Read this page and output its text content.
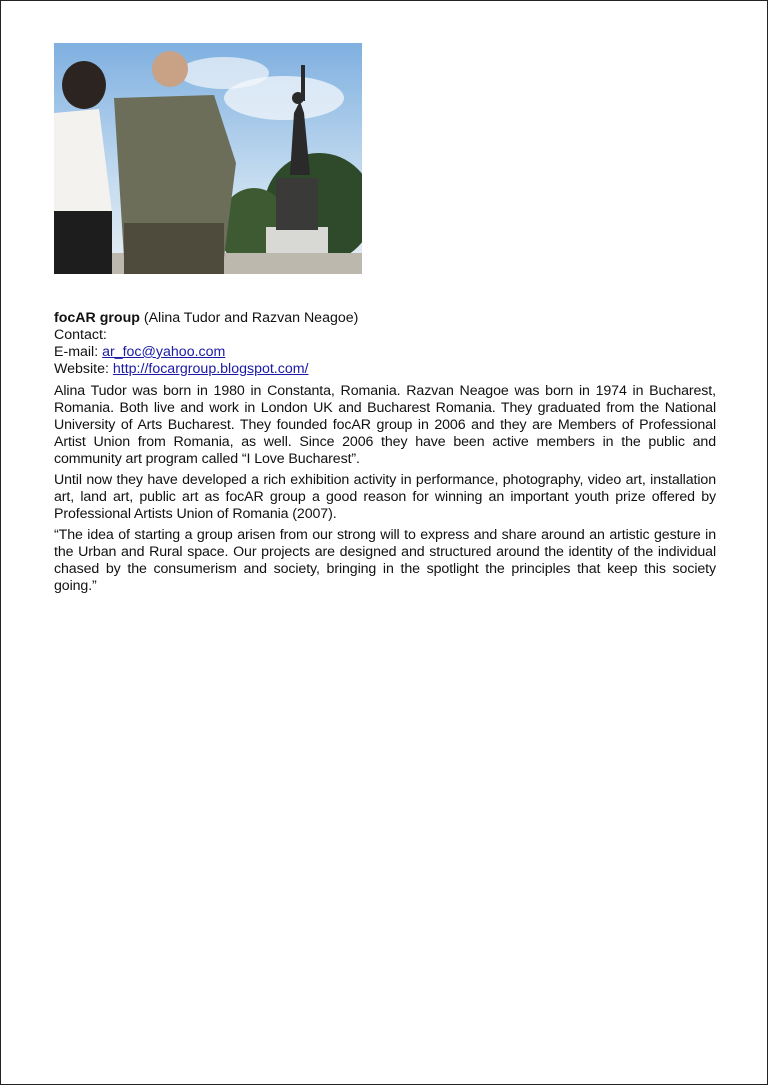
focAR group (Alina Tudor and Razvan Neagoe)
Contact:
E-mail: ar_foc@yahoo.com
Website: http://focargroup.blogspot.com/
Alina Tudor was born in 1980 in Constanta, Romania. Razvan Neagoe was born in 1974 in Bucharest, Romania. Both live and work in London UK and Bucharest Romania. They graduated from the National University of Arts Bucharest. They founded focAR group in 2006 and they are Members of Professional Artist Union from Romania, as well. Since 2006 they have been active members in the public and community art program called “I Love Bucharest”.
Until now they have developed a rich exhibition activity in performance, photography, video art, installation art, land art, public art as focAR group a good reason for winning an important youth prize offered by Professional Artists Union of Romania (2007).
“The idea of starting a group arisen from our strong will to express and share around an artistic gesture in the Urban and Rural space. Our projects are designed and structured around the identity of the individual chased by the consumerism and society, bringing in the spotlight the principles that keep this society going.”
